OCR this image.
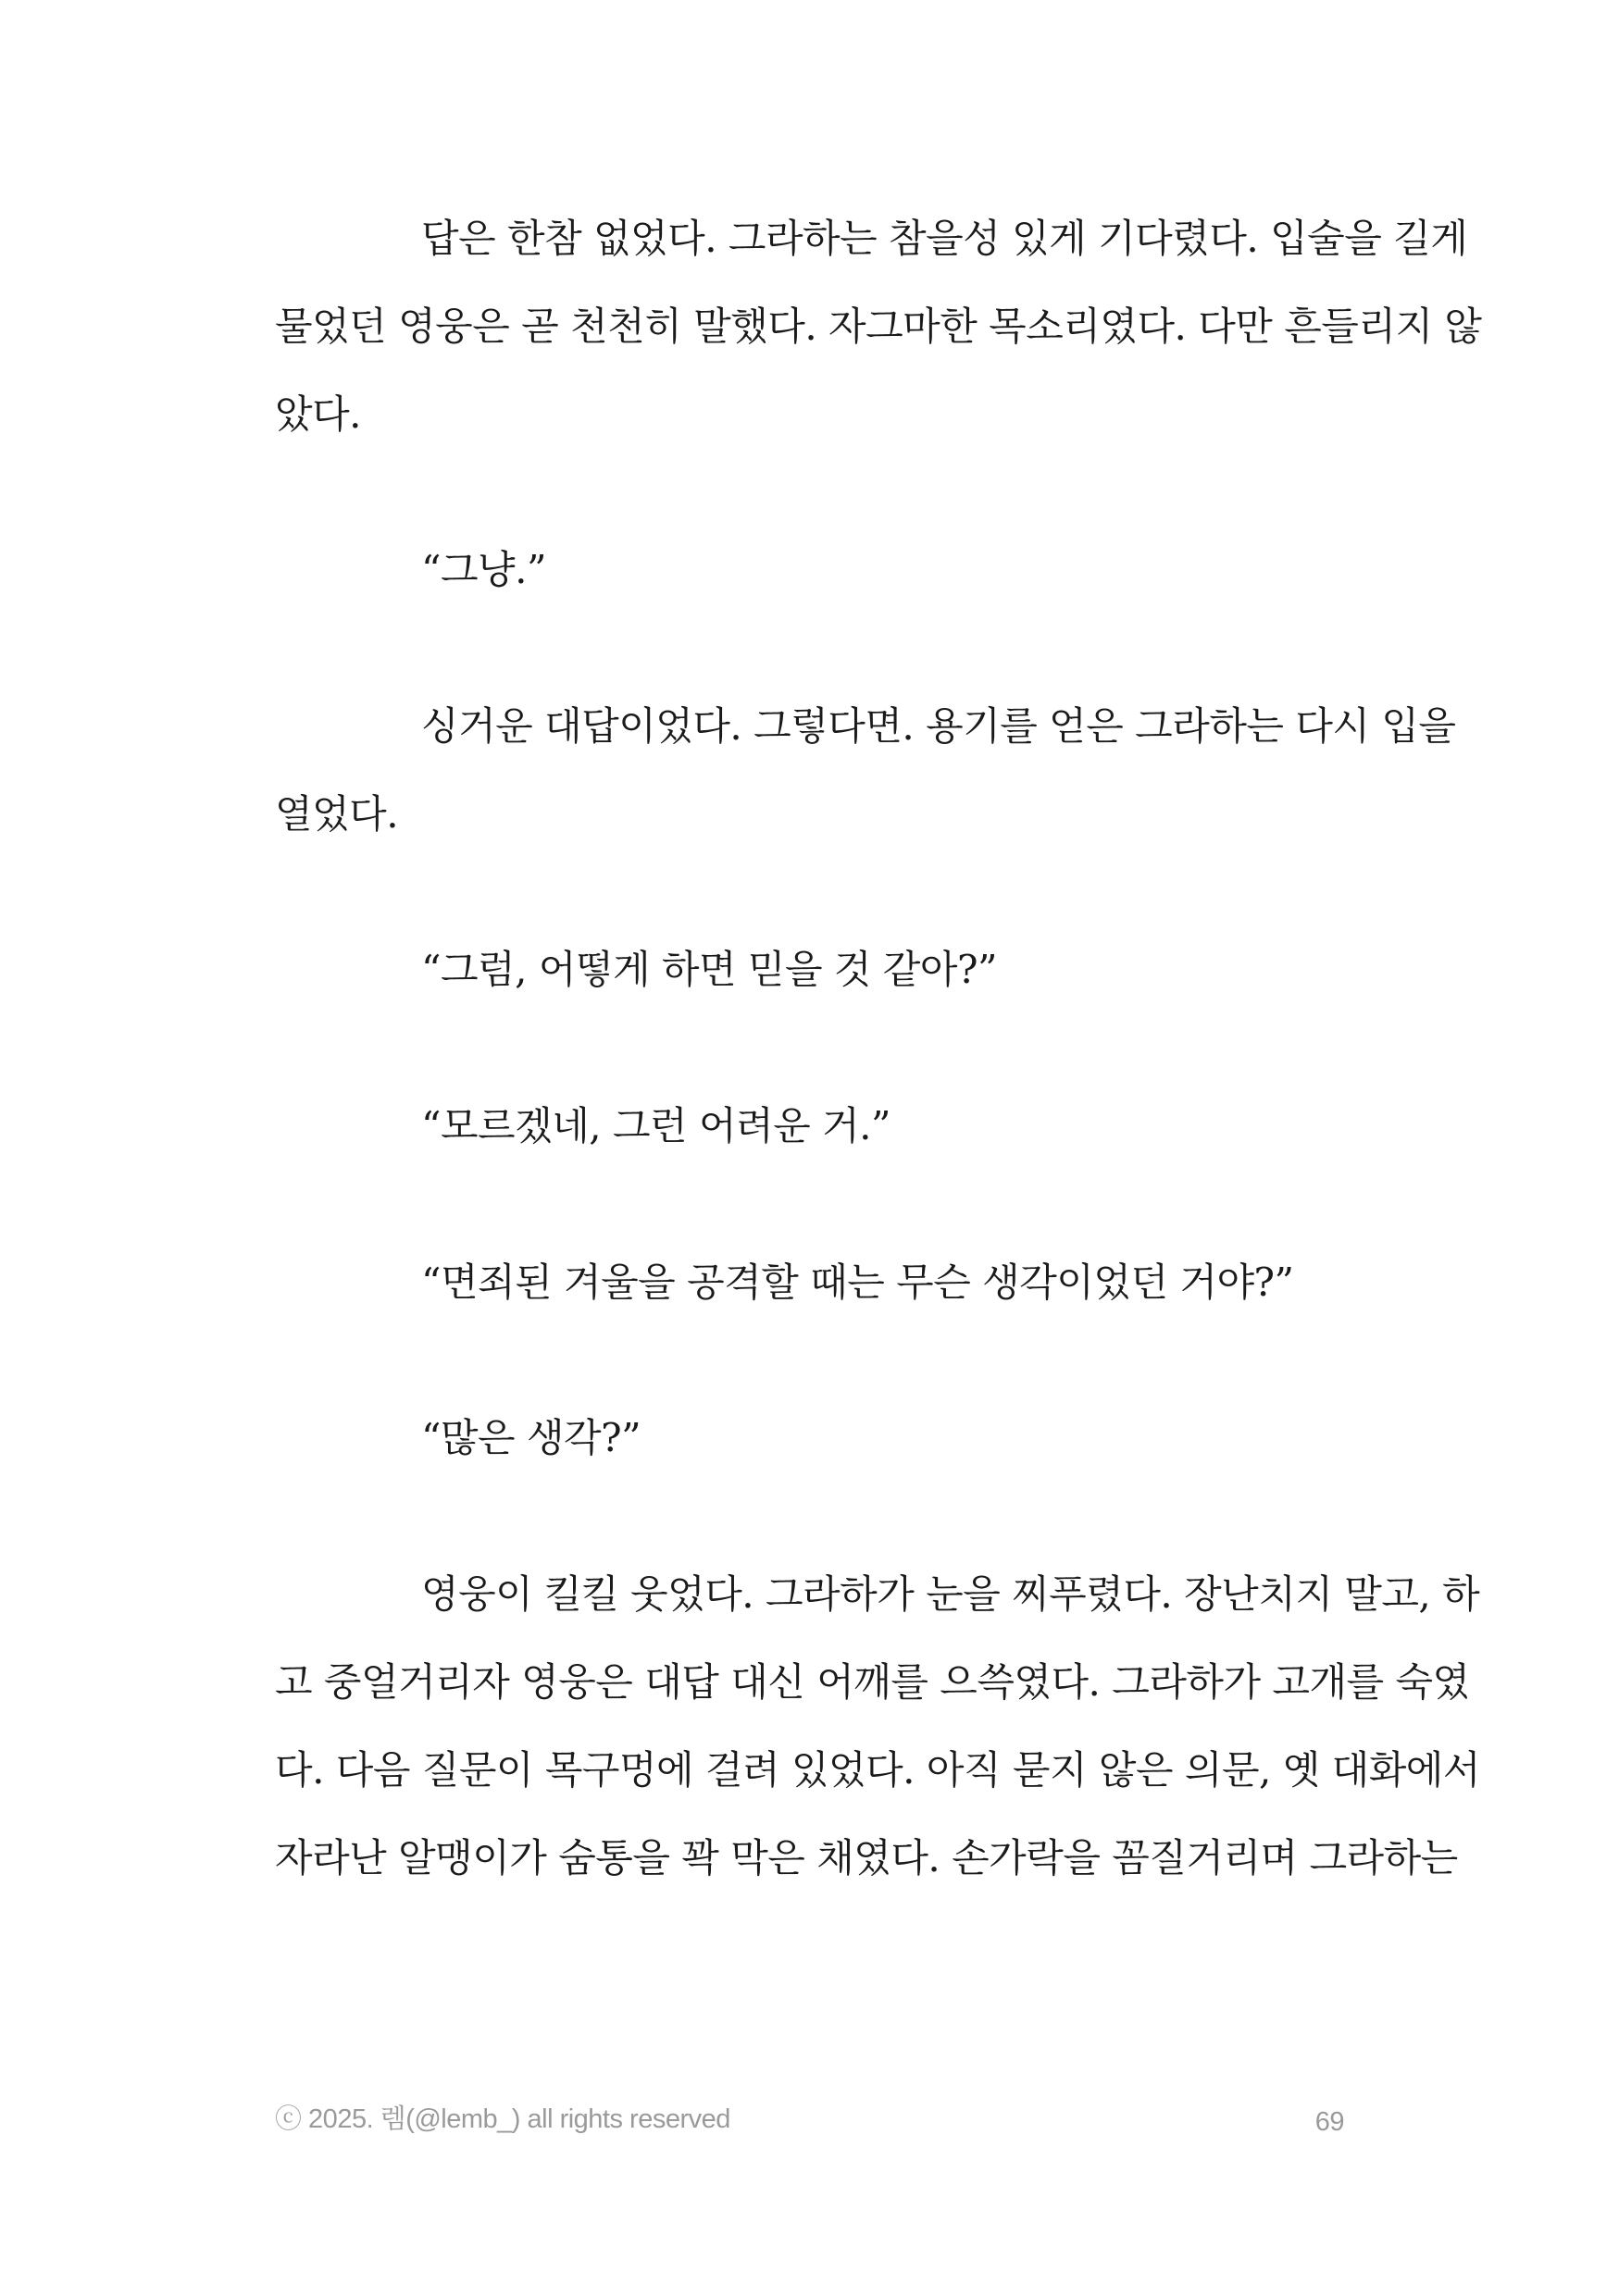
답은 한참 없었다. 그라하는 참을성 있게 기다렸다. 입술을 길게
물었던 영웅은 곧 천천히 말했다. 자그마한 목소리였다. 다만 흔들리지 않
았다.
“그냥.”
싱거운 대답이었다. 그렇다면. 용기를 얻은 그라하는 다시 입을
열었다.
“그럼, 어떻게 하면 믿을 것 같아?”
“모르겠네, 그런 어려운 거.”
“면죄된 겨울을 공격할 때는 무슨 생각이었던 거야?”
“많은 생각?”
영웅이 킬킬 웃었다. 그라하가 눈을 찌푸렸다. 장난치지 말고, 하
고 중얼거리자 영웅은 대답 대신 어깨를 으쓱였다. 그라하가 고개를 숙였
다. 다음 질문이 목구멍에 걸려 있었다. 아직 묻지 않은 의문, 옛 대화에서
자라난 알맹이가 숨통을 꽉 막은 채였다. 손가락을 꼼질거리며 그라하는
ⓒ 2025. 렘(@lemb_) all rights reserved	69
